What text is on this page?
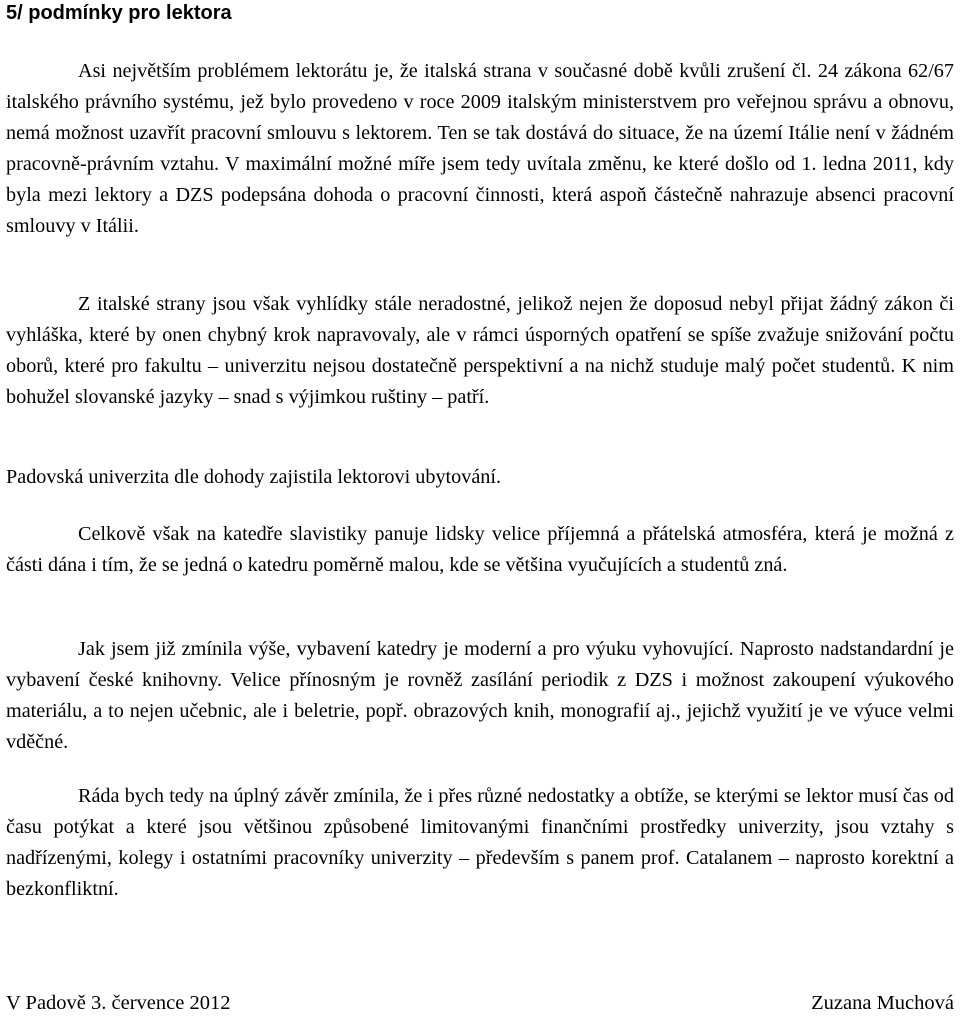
5/ podmínky pro lektora

Asi největším problémem lektorátu je, že italská strana v současné době kvůli zrušení čl. 24 zákona 62/67 italského právního systému, jež bylo provedeno v roce 2009 italským ministerstvem pro veřejnou správu a obnovu, nemá možnost uzavřít pracovní smlouvu s lektorem. Ten se tak dostává do situace, že na území Itálie není v žádném pracovně-právním vztahu. V maximální možné míře jsem tedy uvítala změnu, ke které došlo od 1. ledna 2011, kdy byla mezi lektory a DZS podepsána dohoda o pracovní činnosti, která aspoň částečně nahrazuje absenci pracovní smlouvy v Itálii.

Z italské strany jsou však vyhlídky stále neradostné, jelikož nejen že doposud nebyl přijat žádný zákon či vyhláška, které by onen chybný krok napravovaly, ale v rámci úsporných opatření se spíše zvažuje snižování počtu oborů, které pro fakultu – univerzitu nejsou dostatečně perspektivní a na nichž studuje malý počet studentů. K nim bohužel slovanské jazyky – snad s výjimkou ruštiny – patří.

Padovská univerzita dle dohody zajistila lektorovi ubytování.

Celkově však na katedře slavistiky panuje lidsky velice příjemná a přátelská atmosféra, která je možná z části dána i tím, že se jedná o katedru poměrně malou, kde se většina vyučujících a studentů zná.

Jak jsem již zmínila výše, vybavení katedry je moderní a pro výuku vyhovující. Naprosto nadstandardní je vybavení české knihovny. Velice přínosným je rovněž zasílání periodik z DZS i možnost zakoupení výukového materiálu, a to nejen učebnic, ale i beletrie, popř. obrazových knih, monografií aj., jejichž využití je ve výuce velmi vděčné.

Ráda bych tedy na úplný závěr zmínila, že i přes různé nedostatky a obtíže, se kterými se lektor musí čas od času potýkat a které jsou většinou způsobené limitovanými finančními prostředky univerzity, jsou vztahy s nadřízenými, kolegy i ostatními pracovníky univerzity – především s panem prof. Catalanem – naprosto korektní a bezkonfliktní.

V Padově 3. července 2012	Zuzana Muchová
